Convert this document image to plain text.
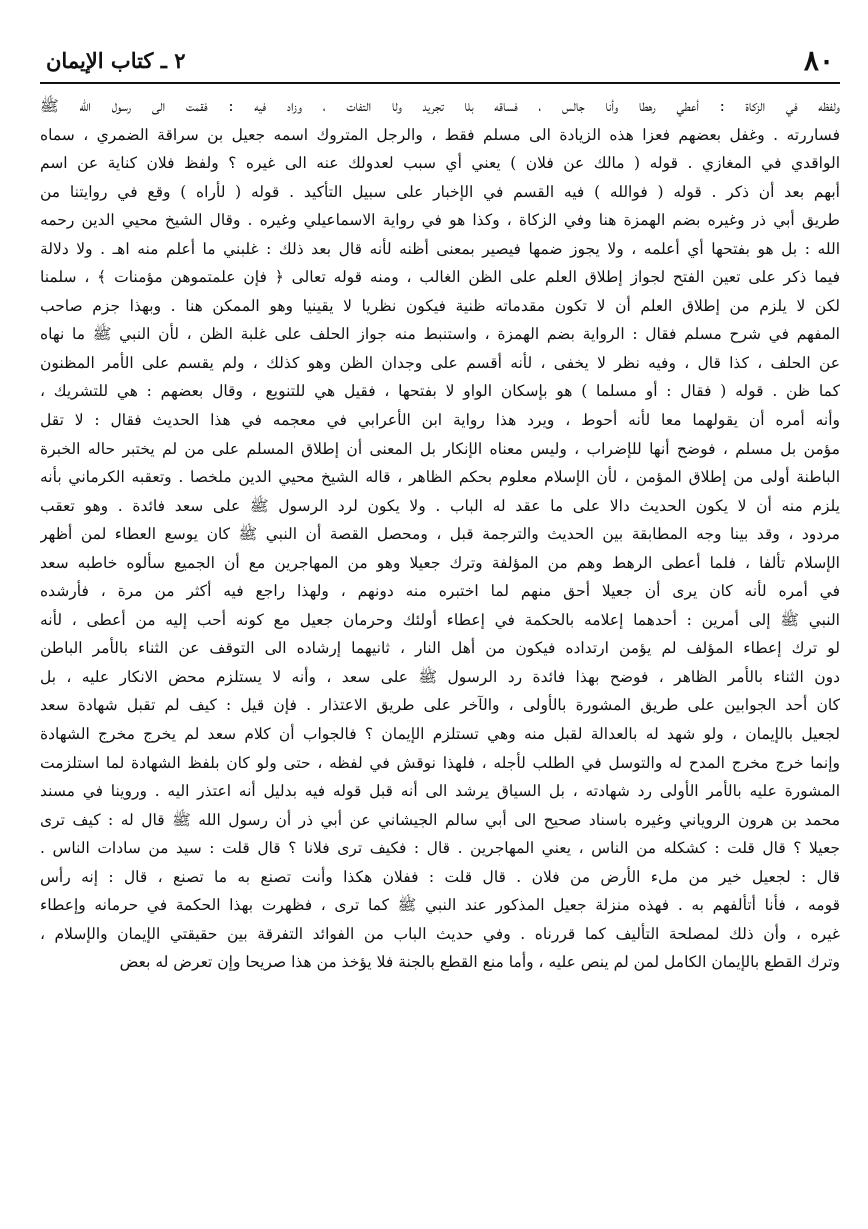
٨٠
٢ ـ كتاب الإيمان
ولفظه في الزكاة : أعطي رهطا وأنا جالس ، فساقه بلا تجريد ولا التفات ، وزاد فيه : فقمت الى رسول الله ﷺ
فساررته . وغفل بعضهم فعزا هذه الزيادة الى مسلم فقط ، والرجل المتروك اسمه جعيل بن سراقة الضمري ، سماه
الواقدي في المغازي . قوله ( مالك عن فلان ) يعني أي سبب لعدولك عنه الى غيره ؟ ولفظ فلان كناية عن اسم
أبهم بعد أن ذكر . قوله ( فوالله ) فيه القسم في الإخبار على سبيل التأكيد . قوله ( لأراه ) وقع في روايتنا من
طريق أبي ذر وغيره بضم الهمزة هنا وفي الزكاة ، وكذا هو في رواية الاسماعيلي وغيره . وقال الشيخ محيي الدين رحمه
الله : بل هو بفتحها أي أعلمه ، ولا يجوز ضمها فيصير بمعنى أظنه لأنه قال بعد ذلك : غلبني ما أعلم منه اهـ . ولا دلالة
فيما ذكر على تعين الفتح لجواز إطلاق العلم على الظن الغالب ، ومنه قوله تعالى ﴿ فإن علمتموهن مؤمنات ﴾ ، سلمنا
لكن لا يلزم من إطلاق العلم أن لا تكون مقدماته ظنية فيكون نظريا لا يقينيا وهو الممكن هنا . وبهذا جزم صاحب
المفهم في شرح مسلم فقال : الرواية بضم الهمزة ، واستنبط منه جواز الحلف على غلبة الظن ، لأن النبي ﷺ ما نهاه
عن الحلف ، كذا قال ، وفيه نظر لا يخفى ، لأنه أقسم على وجدان الظن وهو كذلك ، ولم يقسم على الأمر المظنون
كما ظن . قوله ( فقال : أو مسلما ) هو بإسكان الواو لا بفتحها ، فقيل هي للتنويع ، وقال بعضهم : هي للتشريك ،
وأنه أمره أن يقولهما معا لأنه أحوط ، ويرد هذا رواية ابن الأعرابي في معجمه في هذا الحديث فقال : لا تقل
مؤمن بل مسلم ، فوضح أنها للإضراب ، وليس معناه الإنكار بل المعنى أن إطلاق المسلم على من لم يختبر حاله الخبرة
الباطنة أولى من إطلاق المؤمن ، لأن الإسلام معلوم بحكم الظاهر ، قاله الشيخ محيي الدين ملخصا . وتعقبه الكرماني بأنه
يلزم منه أن لا يكون الحديث دالا على ما عقد له الباب . ولا يكون لرد الرسول ﷺ على سعد فائدة . وهو تعقب
مردود ، وقد بينا وجه المطابقة بين الحديث والترجمة قبل ، ومحصل القصة أن النبي ﷺ كان يوسع العطاء لمن أظهر
الإسلام تألفا ، فلما أعطى الرهط وهم من المؤلفة وترك جعيلا وهو من المهاجرين مع أن الجميع سألوه خاطبه سعد
في أمره لأنه كان يرى أن جعيلا أحق منهم لما اختبره منه دونهم ، ولهذا راجع فيه أكثر من مرة ، فأرشده
النبي ﷺ إلى أمرين : أحدهما إعلامه بالحكمة في إعطاء أولئك وحرمان جعيل مع كونه أحب إليه من أعطى ، لأنه
لو ترك إعطاء المؤلف لم يؤمن ارتداده فيكون من أهل النار ، ثانيهما إرشاده الى التوقف عن الثناء بالأمر الباطن
دون الثناء بالأمر الظاهر ، فوضح بهذا فائدة رد الرسول ﷺ على سعد ، وأنه لا يستلزم محض الانكار عليه ، بل
كان أحد الجوابين على طريق المشورة بالأولى ، والآخر على طريق الاعتذار . فإن قيل : كيف لم تقبل شهادة سعد
لجعيل بالإيمان ، ولو شهد له بالعدالة لقبل منه وهي تستلزم الإيمان ؟ فالجواب أن كلام سعد لم يخرج مخرج الشهادة
وإنما خرج مخرج المدح له والتوسل في الطلب لأجله ، فلهذا نوقش في لفظه ، حتى ولو كان بلفظ الشهادة لما استلزمت
المشورة عليه بالأمر الأولى رد شهادته ، بل السياق يرشد الى أنه قبل قوله فيه بدليل أنه اعتذر اليه . وروينا في مسند
محمد بن هرون الروياني وغيره باسناد صحيح الى أبي سالم الجيشاني عن أبي ذر أن رسول الله ﷺ قال له : كيف ترى
جعيلا ؟ قال قلت : كشكله من الناس ، يعني المهاجرين . قال : فكيف ترى فلانا ؟ قال قلت : سيد من سادات الناس .
قال : لجعيل خير من ملء الأرض من فلان . قال قلت : ففلان هكذا وأنت تصنع به ما تصنع ، قال : إنه رأس
قومه ، فأنا أتألفهم به . فهذه منزلة جعيل المذكور عند النبي ﷺ كما ترى ، فظهرت بهذا الحكمة في حرمانه وإعطاء
غيره ، وأن ذلك لمصلحة التأليف كما قررناه . وفي حديث الباب من الفوائد التفرقة بين حقيقتي الإيمان والإسلام ،
وترك القطع بالإيمان الكامل لمن لم ينص عليه ، وأما منع القطع بالجنة فلا يؤخذ من هذا صريحا وإن تعرض له بعض
